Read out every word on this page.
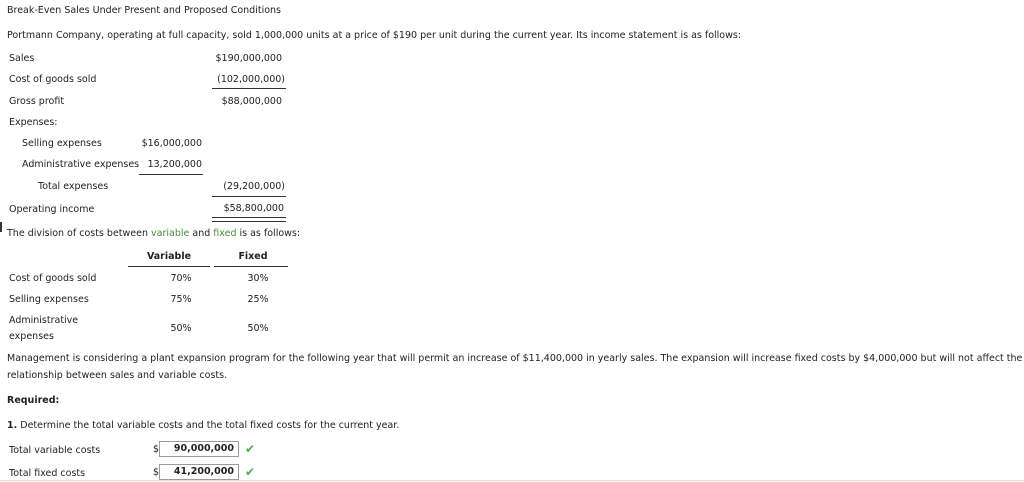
Break-Even Sales Under Present and Proposed Conditions
Portmann Company, operating at full capacity, sold 1,000,000 units at a price of $190 per unit during the current year. Its income statement is as follows:
Sales	$190,000,000
Cost of goods sold	(102,000,000)
Gross profit	$88,000,000
Expenses:
Selling expenses	$16,000,000
Administrative expenses 13,200,000
Total expenses	(29,200,000)
Operating income	$58,800,000
The division of costs between variable and fixed is as follows:
Variable	Fixed
Cost of goods sold	70%	30%
Selling expenses	75%	25%
Administrative
expenses
50%	50%
Management is considering a plant expansion program for the following year that will permit an increase of $11,400,000 in yearly sales. The expansion will increase fixed costs by $4,000,000 but will not affect the
relationship between sales and variable costs.
Required:
1. Determine the total variable costs and the total fixed costs for the current year.
Total variable costs	$	90,000,000 ✔
Total fixed costs	$	41,200,000 ✔
